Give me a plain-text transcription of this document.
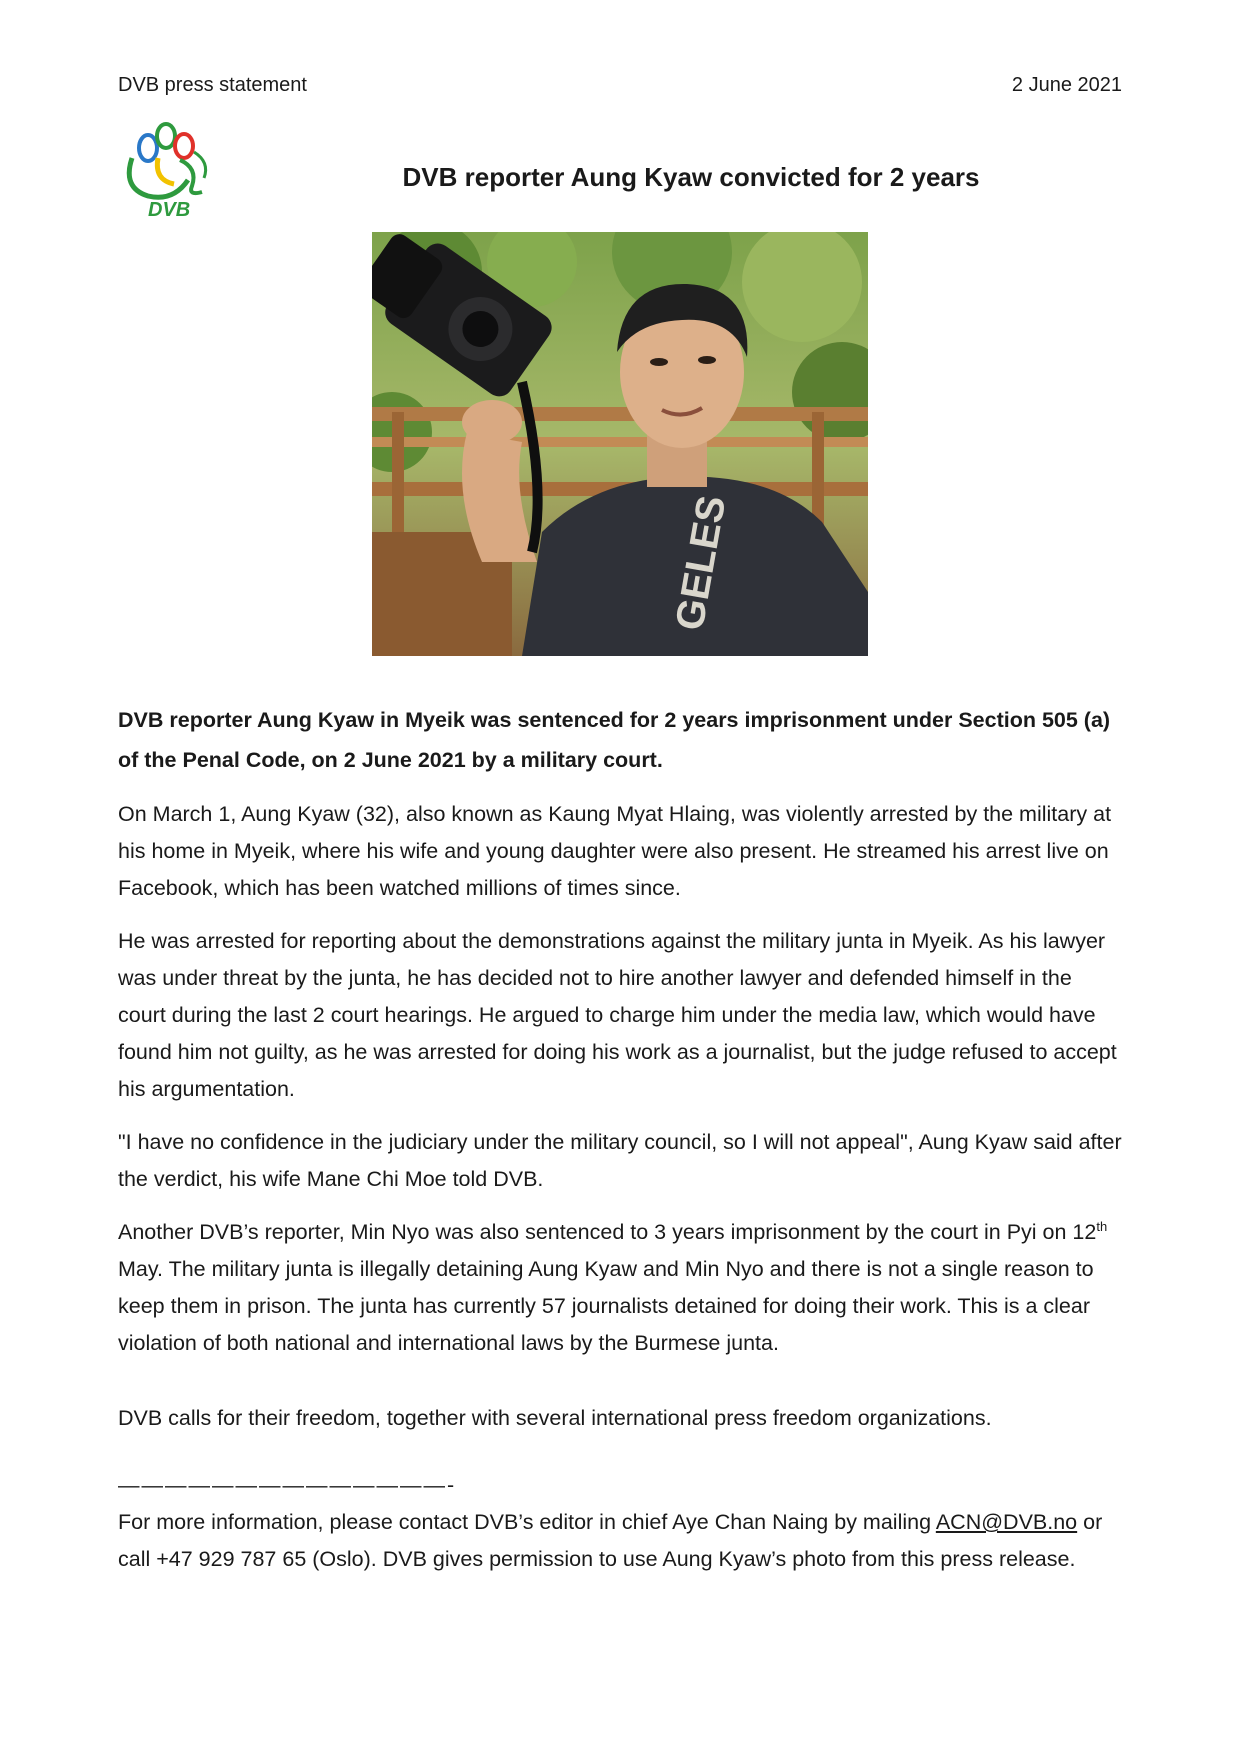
DVB press statement	2 June 2021
DVB
DVB reporter Aung Kyaw convicted for 2 years
GELES

DVB reporter Aung Kyaw in Myeik was sentenced for 2 years imprisonment under Section 505 (a) of the Penal Code, on 2 June 2021 by a military court.

On March 1, Aung Kyaw (32), also known as Kaung Myat Hlaing, was violently arrested by the military at his home in Myeik, where his wife and young daughter were also present. He streamed his arrest live on Facebook, which has been watched millions of times since.

He was arrested for reporting about the demonstrations against the military junta in Myeik. As his lawyer was under threat by the junta, he has decided not to hire another lawyer and defended himself in the court during the last 2 court hearings. He argued to charge him under the media law, which would have found him not guilty, as he was arrested for doing his work as a journalist, but the judge refused to accept his argumentation.

"I have no confidence in the judiciary under the military council, so I will not appeal", Aung Kyaw said after the verdict, his wife Mane Chi Moe told DVB.

Another DVB’s reporter, Min Nyo was also sentenced to 3 years imprisonment by the court in Pyi on 12th May. The military junta is illegally detaining Aung Kyaw and Min Nyo and there is not a single reason to keep them in prison. The junta has currently 57 journalists detained for doing their work. This is a clear violation of both national and international laws by the Burmese junta.

DVB calls for their freedom, together with several international press freedom organizations.

——————————————-

For more information, please contact DVB’s editor in chief Aye Chan Naing by mailing ACN@DVB.no or call +47 929 787 65 (Oslo). DVB gives permission to use Aung Kyaw’s photo from this press release.
